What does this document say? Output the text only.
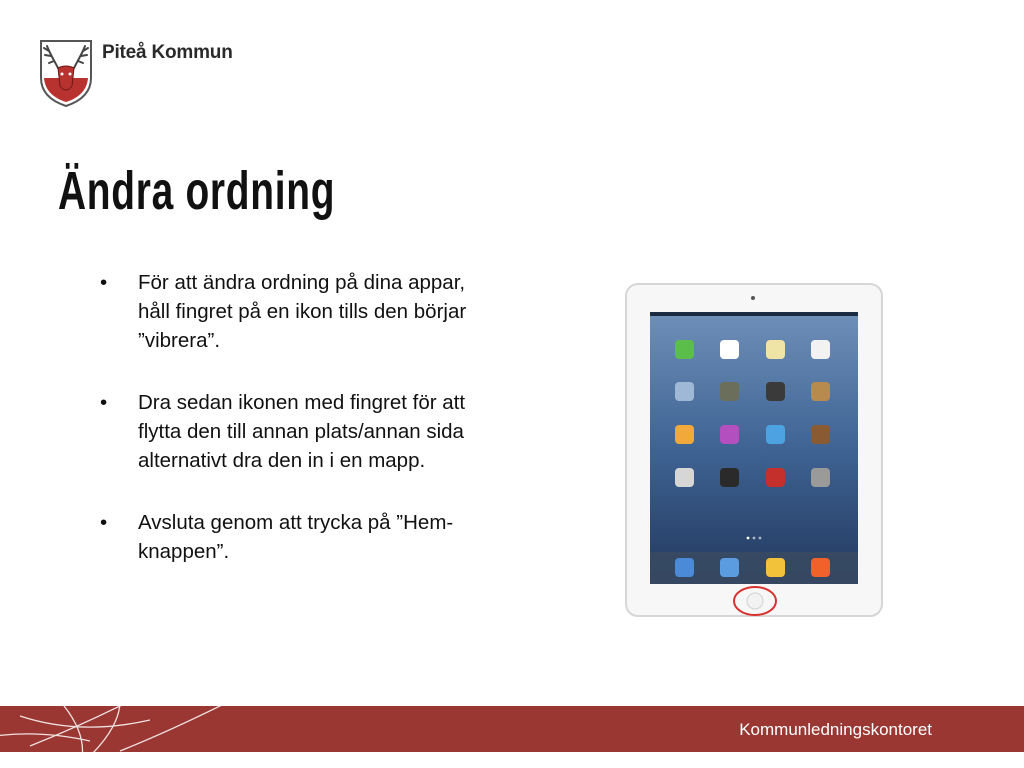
Piteå Kommun
Ändra ordning
• För att ändra ordning på dina appar, håll fingret på en ikon tills den börjar ”vibrera”.
• Dra sedan ikonen med fingret för att flytta den till annan plats/annan sida alternativt dra den in i en mapp.
• Avsluta genom att trycka på ”Hem-knappen”.
Kommunledningskontoret
